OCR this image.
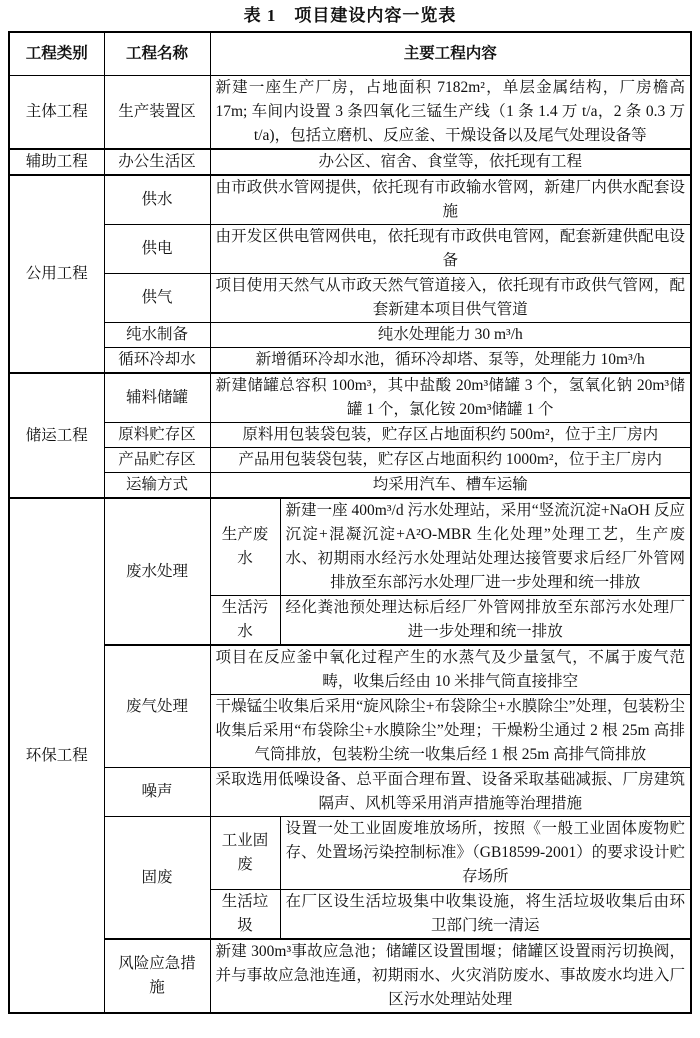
表 1　项目建设内容一览表
工程类别	工程名称	主要工程内容	
主体工程	生产装置区	新建一座生产厂房，占地面积 7182m²，单层金属结构，厂房檐高 17m; 车间内设置 3 条四氧化三锰生产线（1 条 1.4 万 t/a，2 条 0.3 万 t/a)，包括立磨机、反应釜、干燥设备以及尾气处理设备等	
辅助工程	办公生活区	办公区、宿舍、食堂等，依托现有工程	
公用工程	供水	由市政供水管网提供，依托现有市政输水管网，新建厂内供水配套设施	
	供电	由开发区供电管网供电，依托现有市政供电管网，配套新建供配电设备	
	供气	项目使用天然气从市政天然气管道接入，依托现有市政供气管网，配套新建本项目供气管道	
	纯水制备	纯水处理能力 30 m³/h	
	循环冷却水	新增循环冷却水池，循环冷却塔、泵等，处理能力 10m³/h	
储运工程	辅料储罐	新建储罐总容积 100m³，其中盐酸 20m³储罐 3 个，氢氧化钠 20m³储罐 1 个，氯化铵 20m³储罐 1 个	
	原料贮存区	原料用包装袋包装，贮存区占地面积约 500m²，位于主厂房内	
	产品贮存区	产品用包装袋包装，贮存区占地面积约 1000m²，位于主厂房内	
	运输方式	均采用汽车、槽车运输	
环保工程	废水处理	生产废水	新建一座 400m³/d 污水处理站，采用“竖流沉淀+NaOH 反应沉淀+混凝沉淀+A²O-MBR 生化处理”处理工艺，生产废水、初期雨水经污水处理站处理达接管要求后经厂外管网排放至东部污水处理厂进一步处理和统一排放
		生活污水	经化粪池预处理达标后经厂外管网排放至东部污水处理厂进一步处理和统一排放
	废气处理	项目在反应釜中氧化过程产生的水蒸气及少量氢气，不属于废气范畴，收集后经由 10 米排气筒直接排空	
		干燥锰尘收集后采用“旋风除尘+布袋除尘+水膜除尘”处理，包装粉尘收集后采用“布袋除尘+水膜除尘”处理；干燥粉尘通过 2 根 25m 高排气筒排放，包装粉尘统一收集后经 1 根 25m 高排气筒排放	
	噪声	采取选用低噪设备、总平面合理布置、设备采取基础减振、厂房建筑隔声、风机等采用消声措施等治理措施	
	固废	工业固废	设置一处工业固废堆放场所，按照《一般工业固体废物贮存、处置场污染控制标准》（GB18599-2001）的要求设计贮存场所
		生活垃圾	在厂区设生活垃圾集中收集设施，将生活垃圾收集后由环卫部门统一清运
	风险应急措施	新建 300m³事故应急池；储罐区设置围堰；储罐区设置雨污切换阀，并与事故应急池连通，初期雨水、火灾消防废水、事故废水均进入厂区污水处理站处理	
